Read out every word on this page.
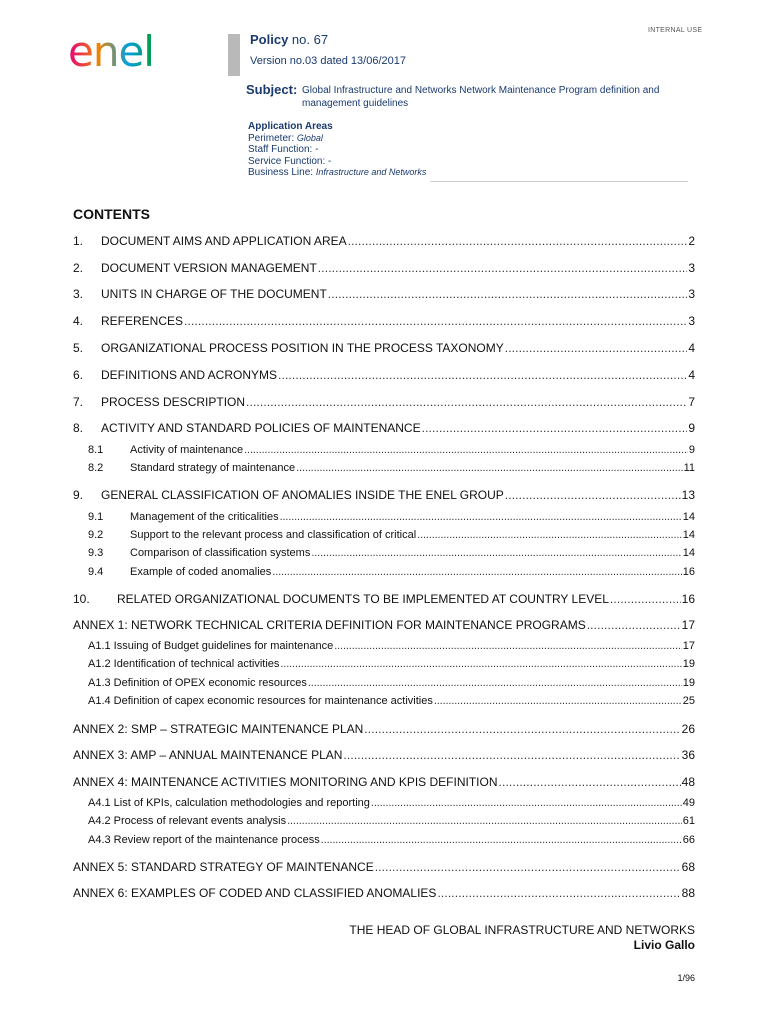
enel	INTERNAL USE
Policy no. 67
Version no.03 dated 13/06/2017
Subject: Global Infrastructure and Networks Network Maintenance Program definition and management guidelines
Application Areas
Perimeter: Global
Staff Function: -
Service Function: -
Business Line: Infrastructure and Networks
CONTENTS
1.	DOCUMENT AIMS AND APPLICATION AREA . . .	2
2.	DOCUMENT VERSION MANAGEMENT . . .	3
3.	UNITS IN CHARGE OF THE DOCUMENT . . .	3
4.	REFERENCES . . .	3
5.	ORGANIZATIONAL PROCESS POSITION IN THE PROCESS TAXONOMY . . .	4
6.	DEFINITIONS AND ACRONYMS . . .	4
7.	PROCESS DESCRIPTION . . .	7
8.	ACTIVITY AND STANDARD POLICIES OF MAINTENANCE . . .	9
8.1	Activity of maintenance . . .	9
8.2	Standard strategy of maintenance . . .	11
9.	GENERAL CLASSIFICATION OF ANOMALIES INSIDE THE ENEL GROUP . . .	13
9.1	Management of the criticalities . . .	14
9.2	Support to the relevant process and classification of critical . . .	14
9.3	Comparison of classification systems . . .	14
9.4	Example of coded anomalies . . .	16
10.	RELATED ORGANIZATIONAL DOCUMENTS TO BE IMPLEMENTED AT COUNTRY LEVEL . . .	16
ANNEX 1: NETWORK TECHNICAL CRITERIA DEFINITION FOR MAINTENANCE PROGRAMS . . .	17
A1.1 Issuing of Budget guidelines for maintenance . . .	17
A1.2 Identification of technical activities . . .	19
A1.3 Definition of OPEX economic resources . . .	19
A1.4 Definition of capex economic resources for maintenance activities . . .	25
ANNEX 2: SMP – STRATEGIC MAINTENANCE PLAN . . .	26
ANNEX 3: AMP – ANNUAL MAINTENANCE PLAN . . .	36
ANNEX 4: MAINTENANCE ACTIVITIES MONITORING AND KPIS DEFINITION . . .	48
A4.1 List of KPIs, calculation methodologies and reporting . . .	49
A4.2 Process of relevant events analysis . . .	61
A4.3 Review report of the maintenance process . . .	66
ANNEX 5: STANDARD STRATEGY OF MAINTENANCE . . .	68
ANNEX 6: EXAMPLES OF CODED AND CLASSIFIED ANOMALIES . . .	88
THE HEAD OF GLOBAL INFRASTRUCTURE AND NETWORKS
Livio Gallo
1/96
